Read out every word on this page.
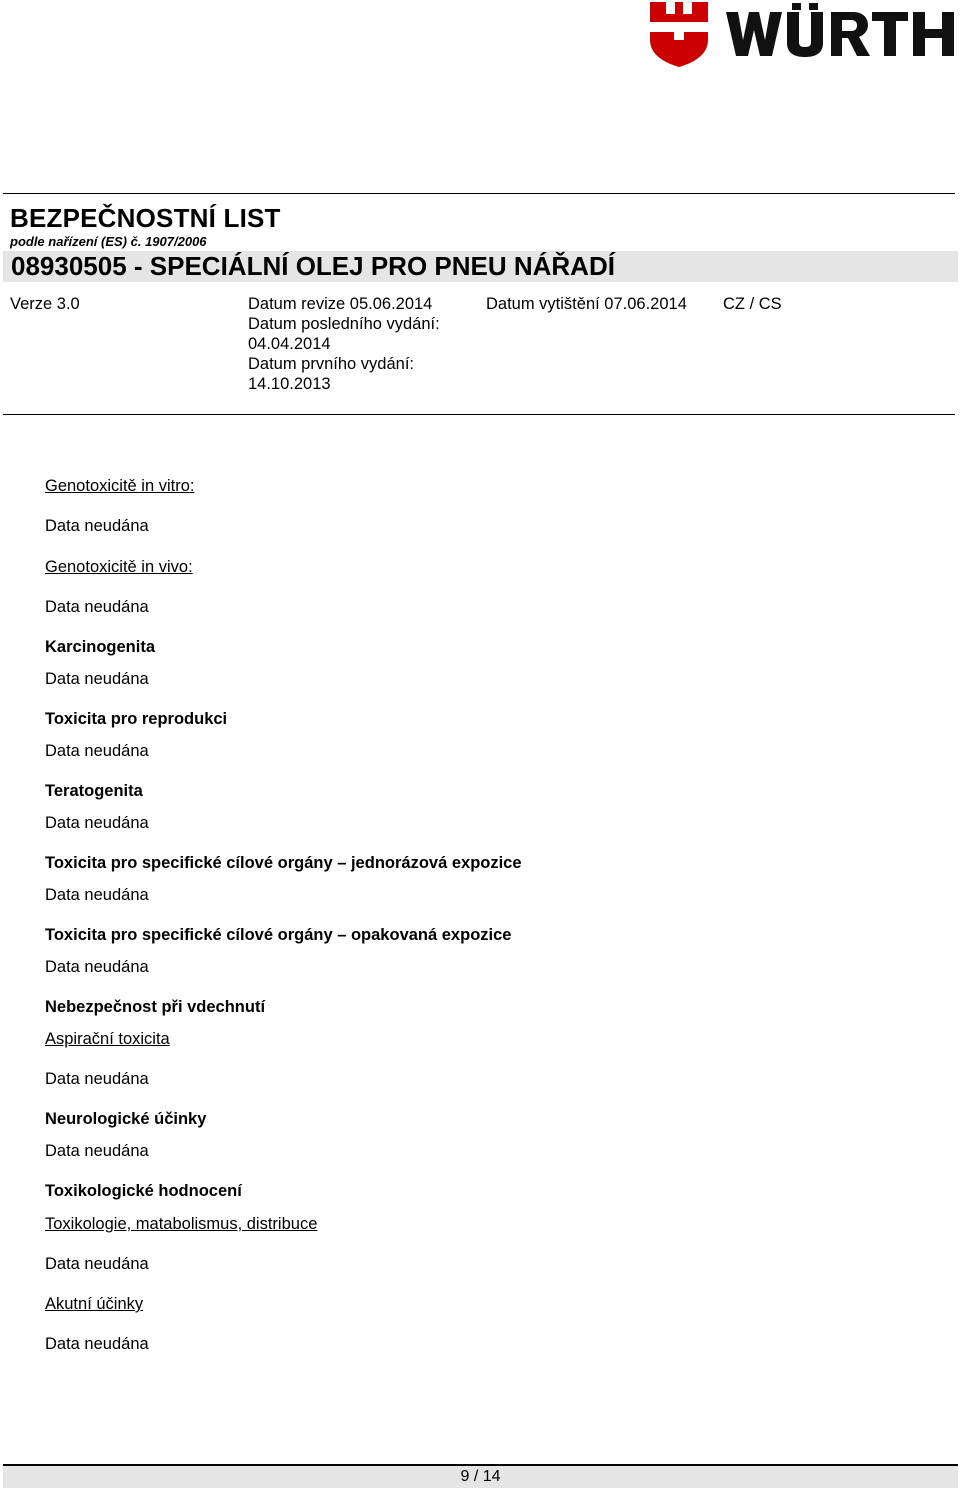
BEZPEČNOSTNÍ LIST
podle nařízení (ES) č. 1907/2006
08930505 - SPECIÁLNÍ OLEJ PRO PNEU NÁŘADÍ
Verze 3.0	Datum revize 05.06.2014
Datum posledního vydání:
04.04.2014
Datum prvního vydání:
14.10.2013
Datum vytištění 07.06.2014 CZ / CS
Genotoxicitě in vitro:
Data neudána
Genotoxicitě in vivo:
Data neudána
Karcinogenita
Data neudána
Toxicita pro reprodukci
Data neudána
Teratogenita
Data neudána
Toxicita pro specifické cílové orgány – jednorázová expozice
Data neudána
Toxicita pro specifické cílové orgány – opakovaná expozice
Data neudána
Nebezpečnost při vdechnutí
Aspirační toxicita
Data neudána
Neurologické účinky
Data neudána
Toxikologické hodnocení
Toxikologie, matabolismus, distribuce
Data neudána
Akutní účinky
Data neudána
9 / 14
